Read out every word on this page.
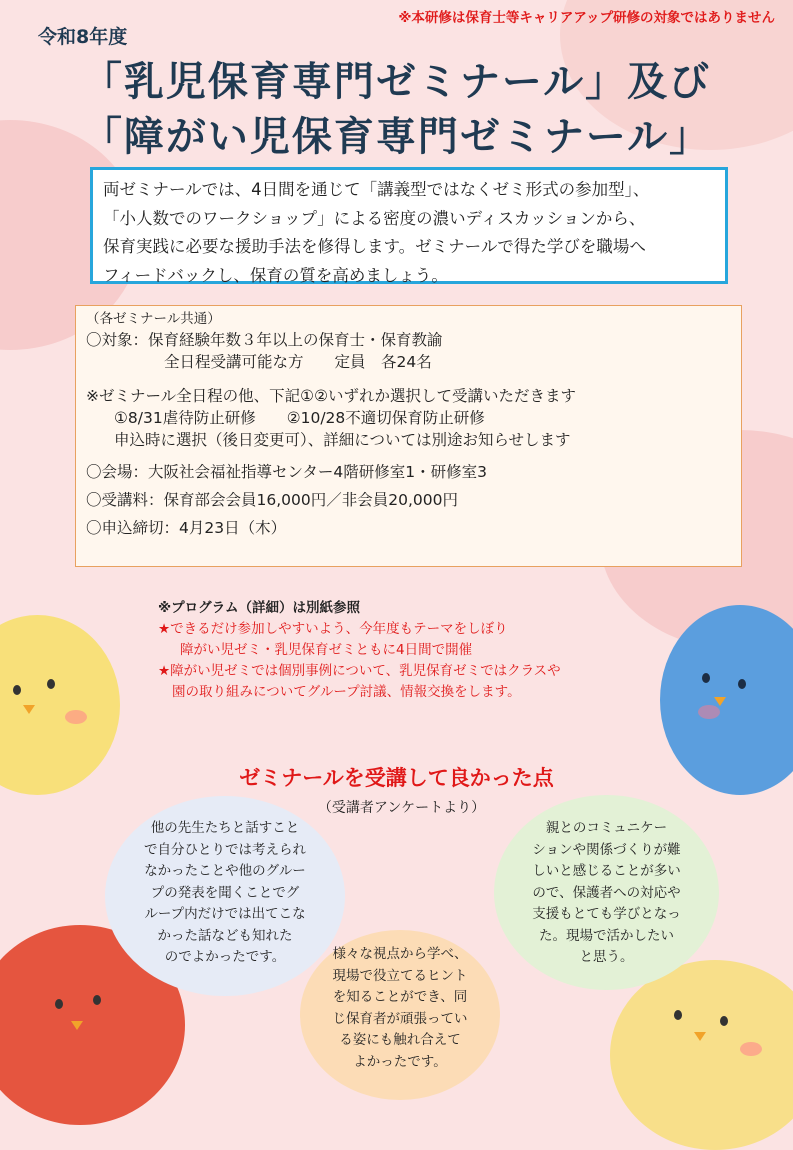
※本研修は保育士等キャリアアップ研修の対象ではありません
令和8年度
「乳児保育専門ゼミナール」及び
「障がい児保育専門ゼミナール」
両ゼミナールでは、4日間を通じて「講義型ではなくゼミ形式の参加型」、
「小人数でのワークショップ」による密度の濃いディスカッションから、
保育実践に必要な援助手法を修得します。ゼミナールで得た学びを職場へ
フィードバックし、保育の質を高めましょう。
（各ゼミナール共通）
〇対象：保育経験年数３年以上の保育士・保育教諭
全日程受講可能な方　　定員　各24名
※ゼミナール全日程の他、下記①②いずれか選択して受講いただきます
①8/31虐待防止研修　　②10/28不適切保育防止研修
申込時に選択（後日変更可）、詳細については別途お知らせします
〇会場：大阪社会福祉指導センター4階研修室1・研修室3
〇受講料：保育部会会員16,000円／非会員20,000円
〇申込締切：4月23日（木）
※プログラム（詳細）は別紙参照
★できるだけ参加しやすいよう、今年度もテーマをしぼり
障がい児ゼミ・乳児保育ゼミともに4日間で開催
★障がい児ゼミでは個別事例について、乳児保育ゼミではクラスや
園の取り組みについてグループ討議、情報交換をします。
ゼミナールを受講して良かった点
（受講者アンケートより）
他の先生たちと話すこと
で自分ひとりでは考えられ
なかったことや他のグルー
プの発表を聞くことでグ
ループ内だけでは出てこな
かった話なども知れた
のでよかったです。
親とのコミュニケー
ションや関係づくりが難
しいと感じることが多い
ので、保護者への対応や
支援もとても学びとなっ
た。現場で活かしたい
と思う。
様々な視点から学べ、
現場で役立てるヒント
を知ることができ、同
じ保育者が頑張ってい
る姿にも触れ合えて
よかったです。
